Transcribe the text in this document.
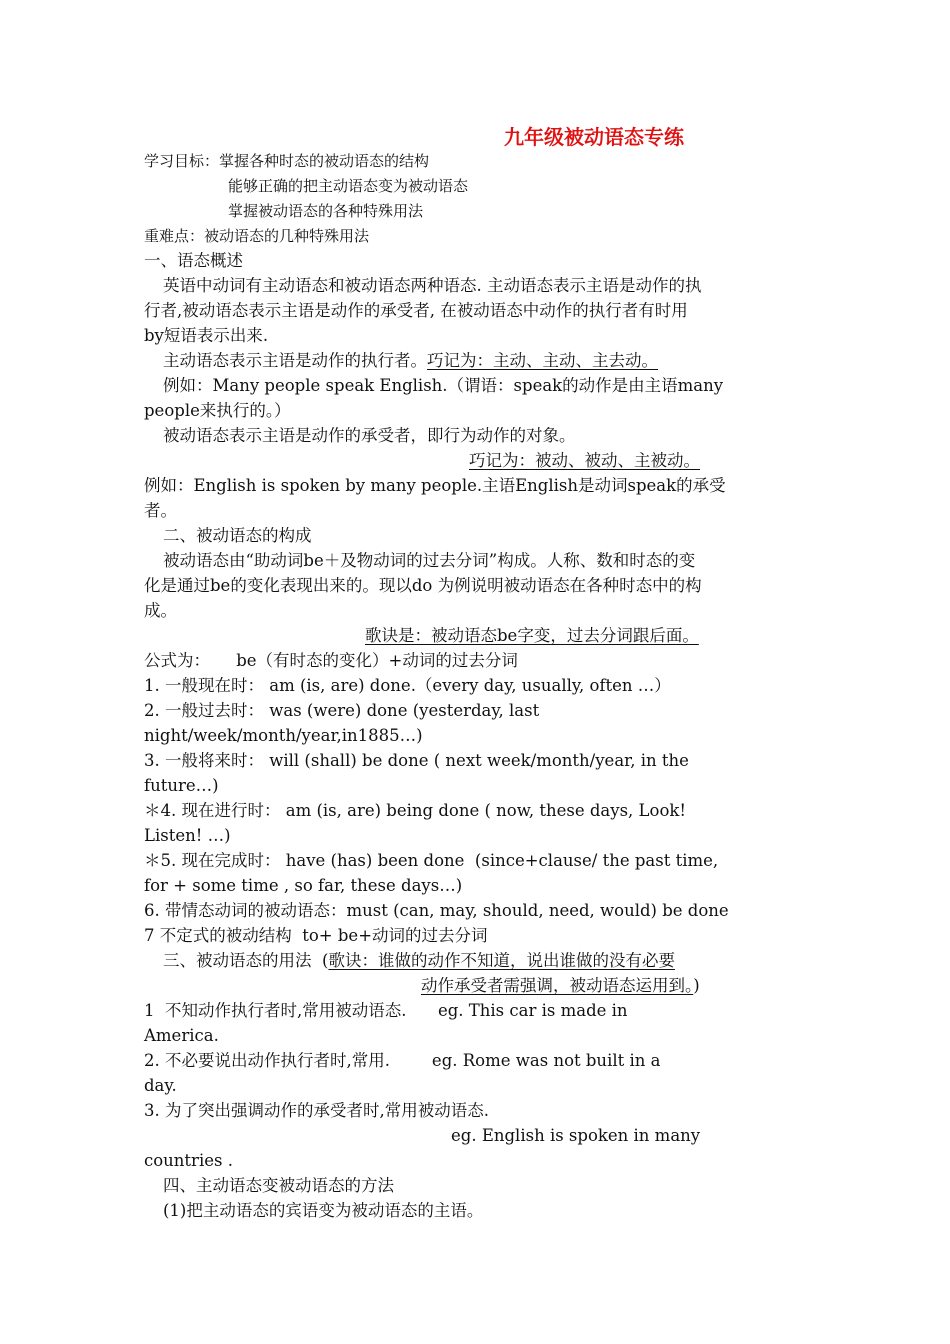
九年级被动语态专练
学习目标：掌握各种时态的被动语态的结构
能够正确的把主动语态变为被动语态
掌握被动语态的各种特殊用法
重难点：被动语态的几种特殊用法
一、语态概述
英语中动词有主动语态和被动语态两种语态. 主动语态表示主语是动作的执
行者,被动语态表示主语是动作的承受者, 在被动语态中动作的执行者有时用
by短语表示出来.
主动语态表示主语是动作的执行者。巧记为：主动、主动、主去动。
例如：Many people speak English.（谓语：speak的动作是由主语many
people来执行的。）
被动语态表示主语是动作的承受者，即行为动作的对象。
巧记为：被动、被动、主被动。
例如：English is spoken by many people.主语English是动词speak的承受
者。
二、被动语态的构成
被动语态由“助动词be＋及物动词的过去分词”构成。人称、数和时态的变
化是通过be的变化表现出来的。现以do 为例说明被动语态在各种时态中的构
成。
歌诀是：被动语态be字变，过去分词跟后面。
公式为：     be（有时态的变化）+动词的过去分词
1. 一般现在时： am (is, are) done.（every day, usually, often …）
2. 一般过去时： was (were) done (yesterday, last
night/week/month/year,in1885…)
3. 一般将来时： will (shall) be done ( next week/month/year, in the
future…)
＊4. 现在进行时： am (is, are) being done ( now, these days, Look!
Listen! …)
＊5. 现在完成时： have (has) been done  (since+clause/ the past time,
for + some time , so far, these days…)
6. 带情态动词的被动语态：must (can, may, should, need, would) be done
7 不定式的被动结构  to+ be+动词的过去分词
三、被动语态的用法  (歌诀：谁做的动作不知道，说出谁做的没有必要
动作承受者需强调，被动语态运用到。)
1  不知动作执行者时,常用被动语态.      eg. This car is made in
America.
2. 不必要说出动作执行者时,常用.        eg. Rome was not built in a
day.
3. 为了突出强调动作的承受者时,常用被动语态.
eg. English is spoken in many
countries .
四、主动语态变被动语态的方法
(1)把主动语态的宾语变为被动语态的主语。
